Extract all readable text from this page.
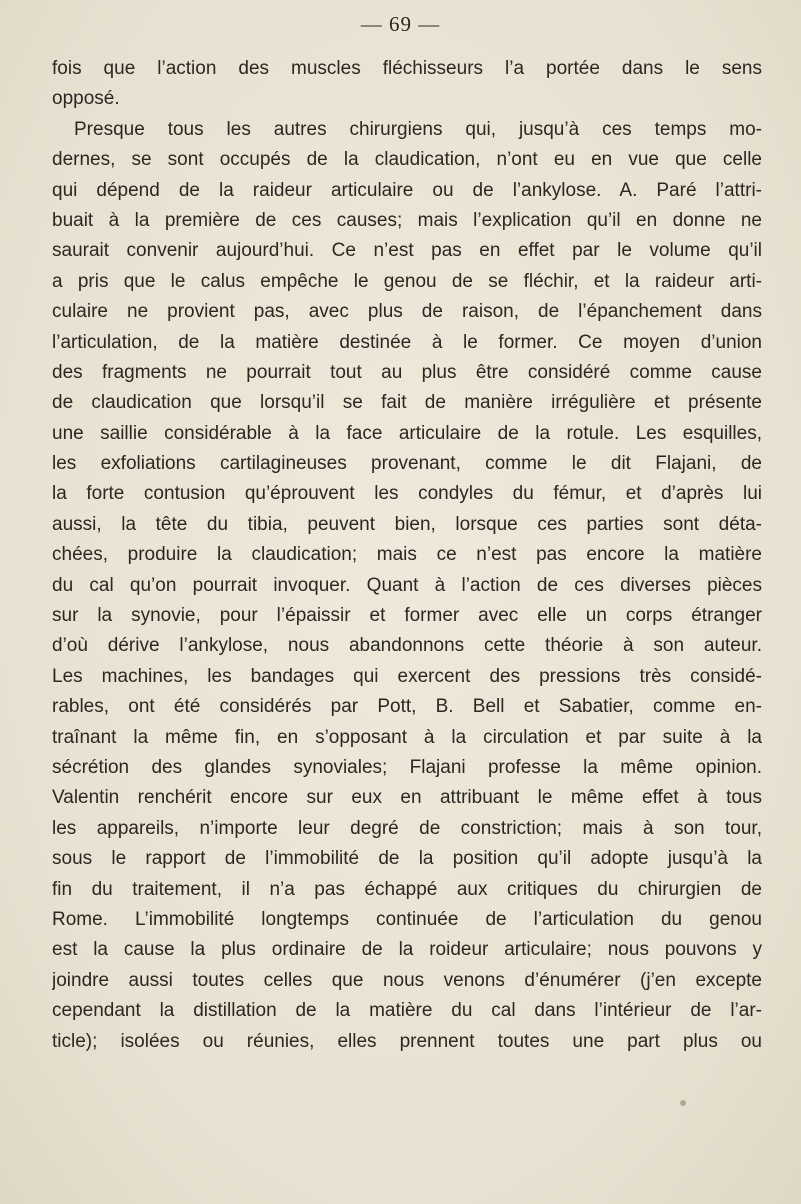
— 69 —
fois que l’action des muscles fléchisseurs l’a portée dans le sens
opposé.
Presque tous les autres chirurgiens qui, jusqu’à ces temps mo-
dernes, se sont occupés de la claudication, n’ont eu en vue que celle
qui dépend de la raideur articulaire ou de l’ankylose. A. Paré l’attri-
buait à la première de ces causes; mais l’explication qu’il en donne ne
saurait convenir aujourd’hui. Ce n’est pas en effet par le volume qu’il
a pris que le calus empêche le genou de se fléchir, et la raideur arti-
culaire ne provient pas, avec plus de raison, de l’épanchement dans
l’articulation, de la matière destinée à le former. Ce moyen d’union
des fragments ne pourrait tout au plus être considéré comme cause
de claudication que lorsqu’il se fait de manière irrégulière et présente
une saillie considérable à la face articulaire de la rotule. Les esquilles,
les exfoliations cartilagineuses provenant, comme le dit Flajani, de
la forte contusion qu’éprouvent les condyles du fémur, et d’après lui
aussi, la tête du tibia, peuvent bien, lorsque ces parties sont déta-
chées, produire la claudication; mais ce n’est pas encore la matière
du cal qu’on pourrait invoquer. Quant à l’action de ces diverses pièces
sur la synovie, pour l’épaissir et former avec elle un corps étranger
d’où dérive l’ankylose, nous abandonnons cette théorie à son auteur.
Les machines, les bandages qui exercent des pressions très considé-
rables, ont été considérés par Pott, B. Bell et Sabatier, comme en-
traînant la même fin, en s’opposant à la circulation et par suite à la
sécrétion des glandes synoviales; Flajani professe la même opinion.
Valentin renchérit encore sur eux en attribuant le même effet à tous
les appareils, n’importe leur degré de constriction; mais à son tour,
sous le rapport de l’immobilité de la position qu’il adopte jusqu’à la
fin du traitement, il n’a pas échappé aux critiques du chirurgien de
Rome. L’immobilité longtemps continuée de l’articulation du genou
est la cause la plus ordinaire de la roideur articulaire; nous pouvons y
joindre aussi toutes celles que nous venons d’énumérer (j’en excepte
cependant la distillation de la matière du cal dans l’intérieur de l’ar-
ticle); isolées ou réunies, elles prennent toutes une part plus ou
